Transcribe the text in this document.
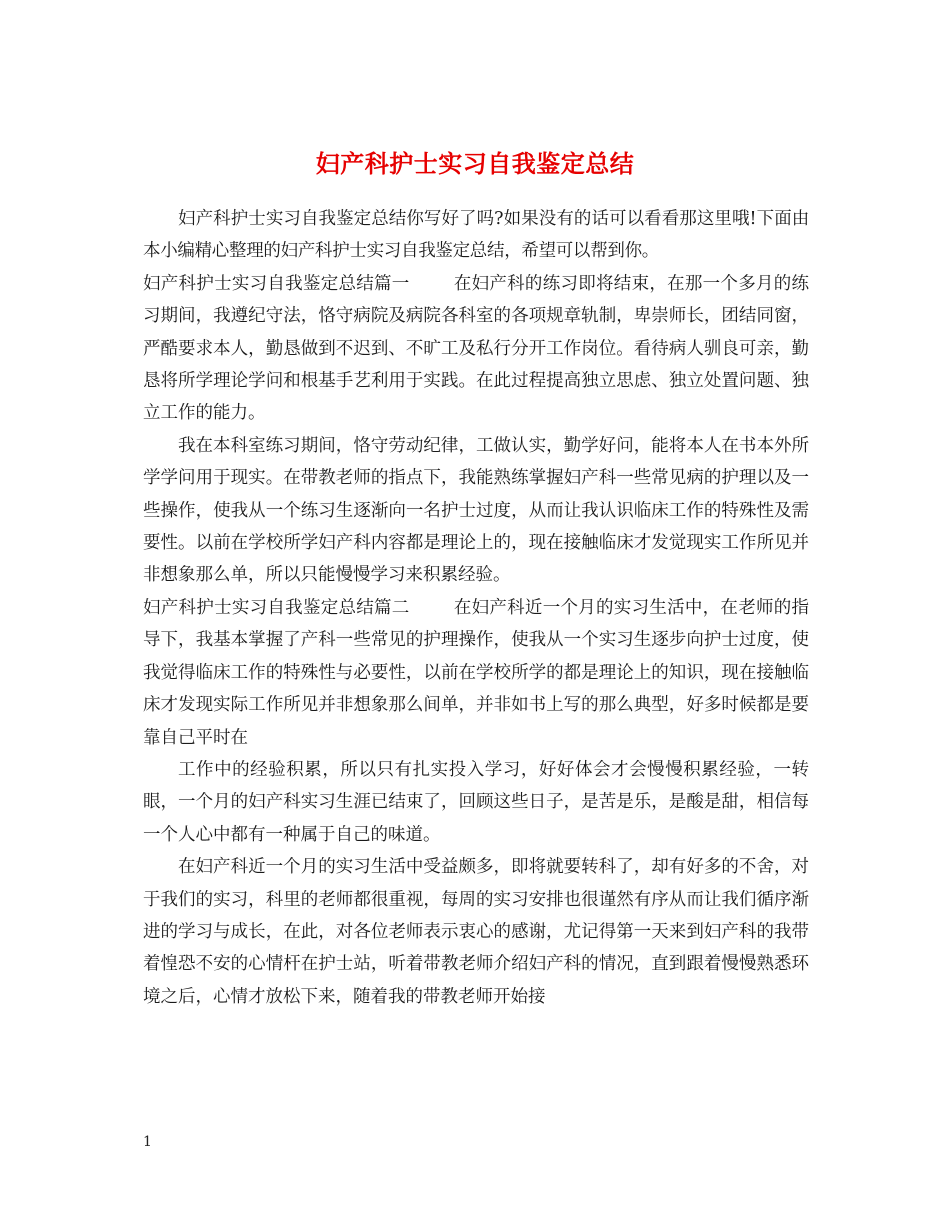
妇产科护士实习自我鉴定总结

妇产科护士实习自我鉴定总结你写好了吗?如果没有的话可以看看那这里哦!下面由本小编精心整理的妇产科护士实习自我鉴定总结，希望可以帮到你。

妇产科护士实习自我鉴定总结篇一	在妇产科的练习即将结束，在那一个多月的练习期间，我遵纪守法，恪守病院及病院各科室的各项规章轨制，卑崇师长，团结同窗，严酷要求本人，勤恳做到不迟到、不旷工及私行分开工作岗位。看待病人驯良可亲，勤恳将所学理论学问和根基手艺利用于实践。在此过程提高独立思虑、独立处置问题、独立工作的能力。

我在本科室练习期间，恪守劳动纪律，工做认实，勤学好问，能将本人在书本外所学学问用于现实。在带教老师的指点下，我能熟练掌握妇产科一些常见病的护理以及一些操作，使我从一个练习生逐渐向一名护士过度，从而让我认识临床工作的特殊性及需要性。以前在学校所学妇产科内容都是理论上的，现在接触临床才发觉现实工作所见并非想象那么单，所以只能慢慢学习来积累经验。

妇产科护士实习自我鉴定总结篇二	在妇产科近一个月的实习生活中，在老师的指导下，我基本掌握了产科一些常见的护理操作，使我从一个实习生逐步向护士过度，使我觉得临床工作的特殊性与必要性，以前在学校所学的都是理论上的知识，现在接触临床才发现实际工作所见并非想象那么间单，并非如书上写的那么典型，好多时候都是要靠自己平时在

工作中的经验积累，所以只有扎实投入学习，好好体会才会慢慢积累经验，一转眼，一个月的妇产科实习生涯已结束了，回顾这些日子，是苦是乐，是酸是甜，相信每一个人心中都有一种属于自己的味道。

在妇产科近一个月的实习生活中受益颇多，即将就要转科了，却有好多的不舍，对于我们的实习，科里的老师都很重视，每周的实习安排也很谨然有序从而让我们循序渐进的学习与成长，在此，对各位老师表示衷心的感谢，尤记得第一天来到妇产科的我带着惶恐不安的心情杆在护士站，听着带教老师介绍妇产科的情况，直到跟着慢慢熟悉环境之后，心情才放松下来，随着我的带教老师开始接

1
